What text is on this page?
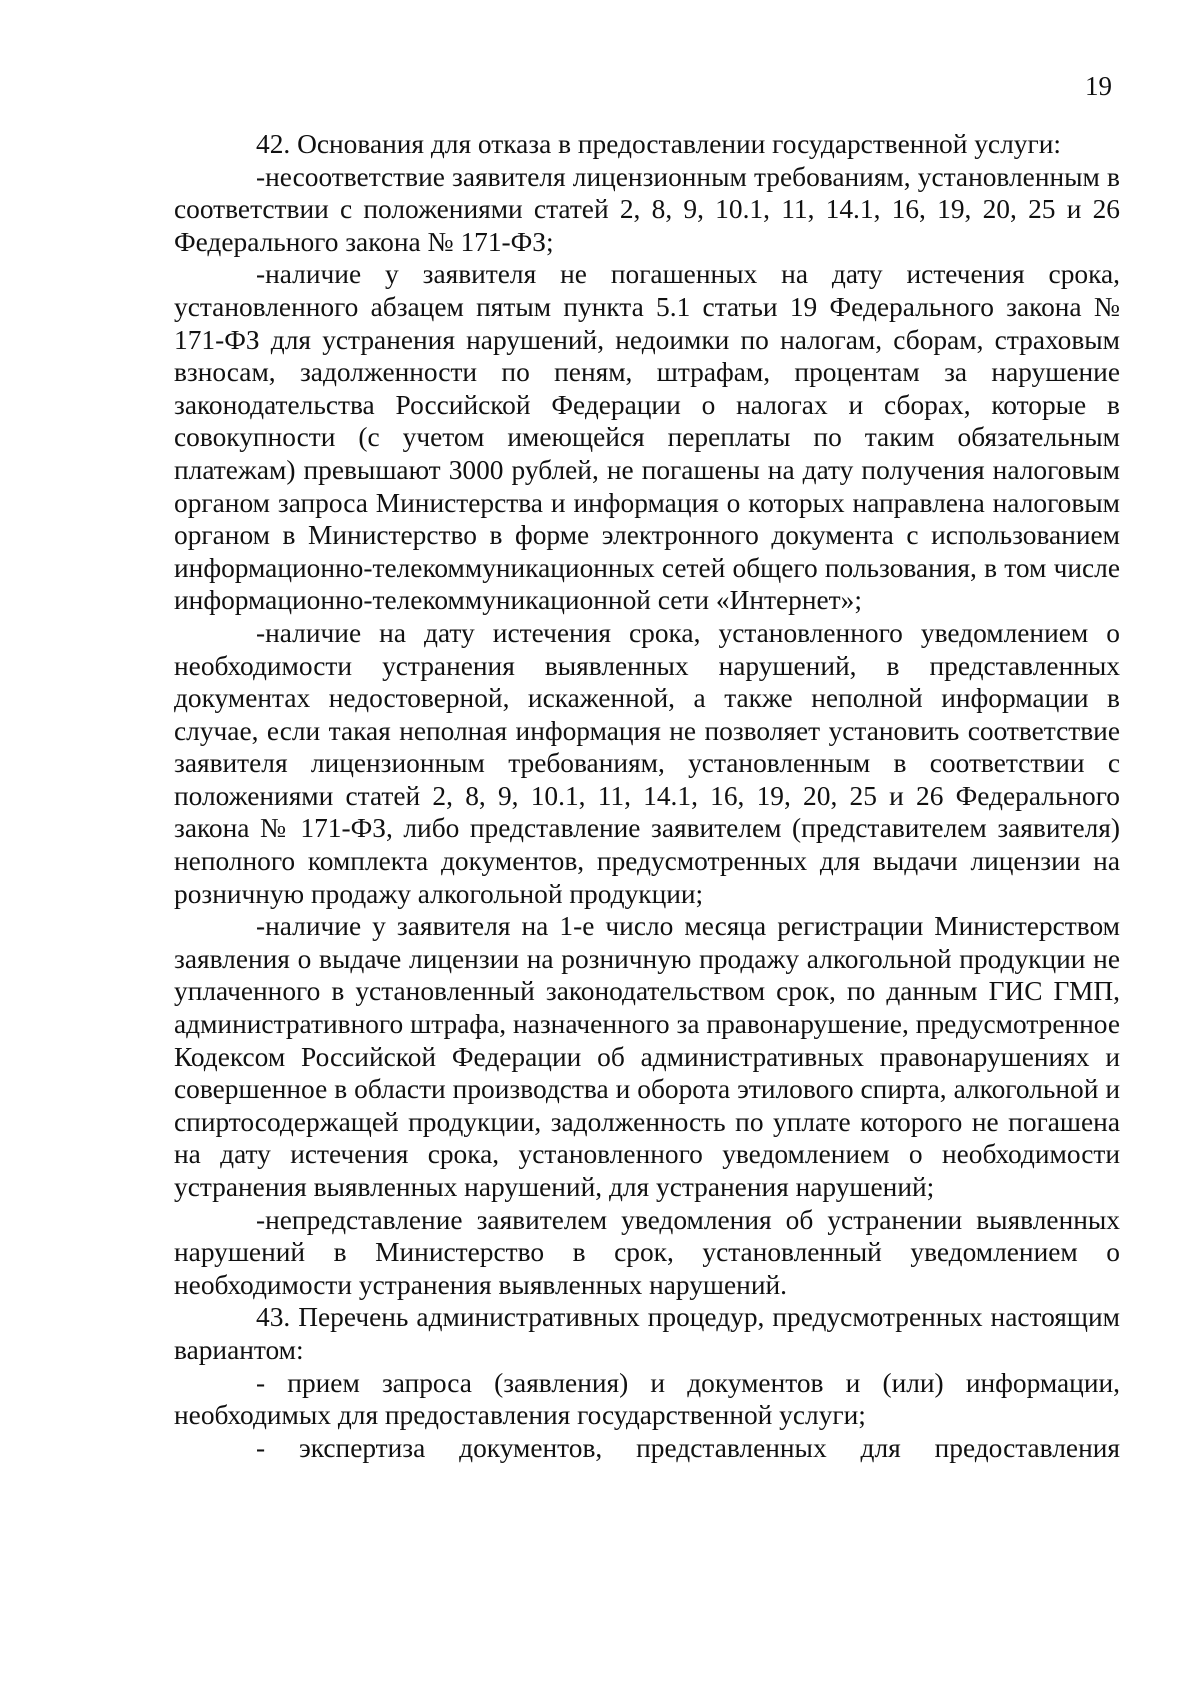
19

42. Основания для отказа в предоставлении государственной услуги:

-несоответствие заявителя лицензионным требованиям, установленным в соответствии с положениями статей 2, 8, 9, 10.1, 11, 14.1, 16, 19, 20, 25 и 26 Федерального закона № 171-ФЗ;

-наличие у заявителя не погашенных на дату истечения срока, установленного абзацем пятым пункта 5.1 статьи 19 Федерального закона № 171-ФЗ для устранения нарушений, недоимки по налогам, сборам, страховым взносам, задолженности по пеням, штрафам, процентам за нарушение законодательства Российской Федерации о налогах и сборах, которые в совокупности (с учетом имеющейся переплаты по таким обязательным платежам) превышают 3000 рублей, не погашены на дату получения налоговым органом запроса Министерства и информация о которых направлена налоговым органом в Министерство в форме электронного документа с использованием информационно-телекоммуникационных сетей общего пользования, в том числе информационно-телекоммуникационной сети «Интернет»;

-наличие на дату истечения срока, установленного уведомлением о необходимости устранения выявленных нарушений, в представленных документах недостоверной, искаженной, а также неполной информации в случае, если такая неполная информация не позволяет установить соответствие заявителя лицензионным требованиям, установленным в соответствии с положениями статей 2, 8, 9, 10.1, 11, 14.1, 16, 19, 20, 25 и 26 Федерального закона № 171-ФЗ, либо представление заявителем (представителем заявителя) неполного комплекта документов, предусмотренных для выдачи лицензии на розничную продажу алкогольной продукции;

-наличие у заявителя на 1-е число месяца регистрации Министерством заявления о выдаче лицензии на розничную продажу алкогольной продукции не уплаченного в установленный законодательством срок, по данным ГИС ГМП, административного штрафа, назначенного за правонарушение, предусмотренное Кодексом Российской Федерации об административных правонарушениях и совершенное в области производства и оборота этилового спирта, алкогольной и спиртосодержащей продукции, задолженность по уплате которого не погашена на дату истечения срока, установленного уведомлением о необходимости устранения выявленных нарушений, для устранения нарушений;

-непредставление заявителем уведомления об устранении выявленных нарушений в Министерство в срок, установленный уведомлением о необходимости устранения выявленных нарушений.

43. Перечень административных процедур, предусмотренных настоящим вариантом:

- прием запроса (заявления) и документов и (или) информации, необходимых для предоставления государственной услуги;

- экспертиза документов, представленных для предоставления
